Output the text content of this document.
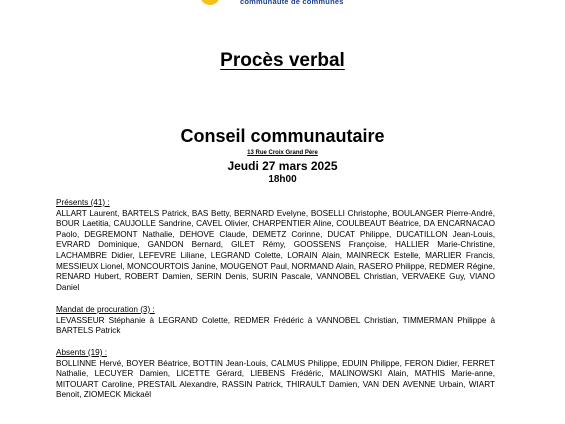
communauté de communes
Procès verbal
Conseil communautaire
13 Rue Croix Grand Père
Jeudi 27 mars 2025
18h00
Présents (41) :
ALLART Laurent, BARTELS Patrick, BAS Betty, BERNARD Evelyne, BOSELLI Christophe, BOULANGER Pierre-André, BOUR Laetitia, CAUJOLLE Sandrine, CAVEL Olivier, CHARPENTIER Aline, COULBEAUT Béatrice, DA ENCARNACAO Paolo, DEGREMONT Nathalie, DEHOVE Claude, DEMETZ Corinne, DUCAT Philippe, DUCATILLON Jean-Louis, EVRARD Dominique, GANDON Bernard, GILET Rémy, GOOSSENS Françoise, HALLIER Marie-Christine, LACHAMBRE Didier, LEFEVRE Liliane, LEGRAND Colette, LORAIN Alain, MAINRECK Estelle, MARLIER Francis, MESSIEUX Lionel, MONCOURTOIS Janine, MOUGENOT Paul, NORMAND Alain, RASERO Philippe, REDMER Régine, RENARD Hubert, ROBERT Damien, SERIN Denis, SURIN Pascale, VANNOBEL Christian, VERVAEKE Guy, VIANO Daniel
Mandat de procuration (3) :
LEVASSEUR Stéphanie à LEGRAND Colette, REDMER Frédéric à VANNOBEL Christian, TIMMERMAN Philippe à BARTELS Patrick
Absents (19) :
BOLLINNE Hervé, BOYER Béatrice, BOTTIN Jean-Louis, CALMUS Philippe, EDUIN Philippe, FERON Didier, FERRET Nathalie, LECUYER Damien, LICETTE Gérard, LIEBENS Frédéric, MALINOWSKI Alain, MATHIS Marie-anne, MITOUART Caroline, PRESTAIL Alexandre, RASSIN Patrick, THIRAULT Damien, VAN DEN AVENNE Urbain, WIART Benoit, ZIOMECK Mickaël
